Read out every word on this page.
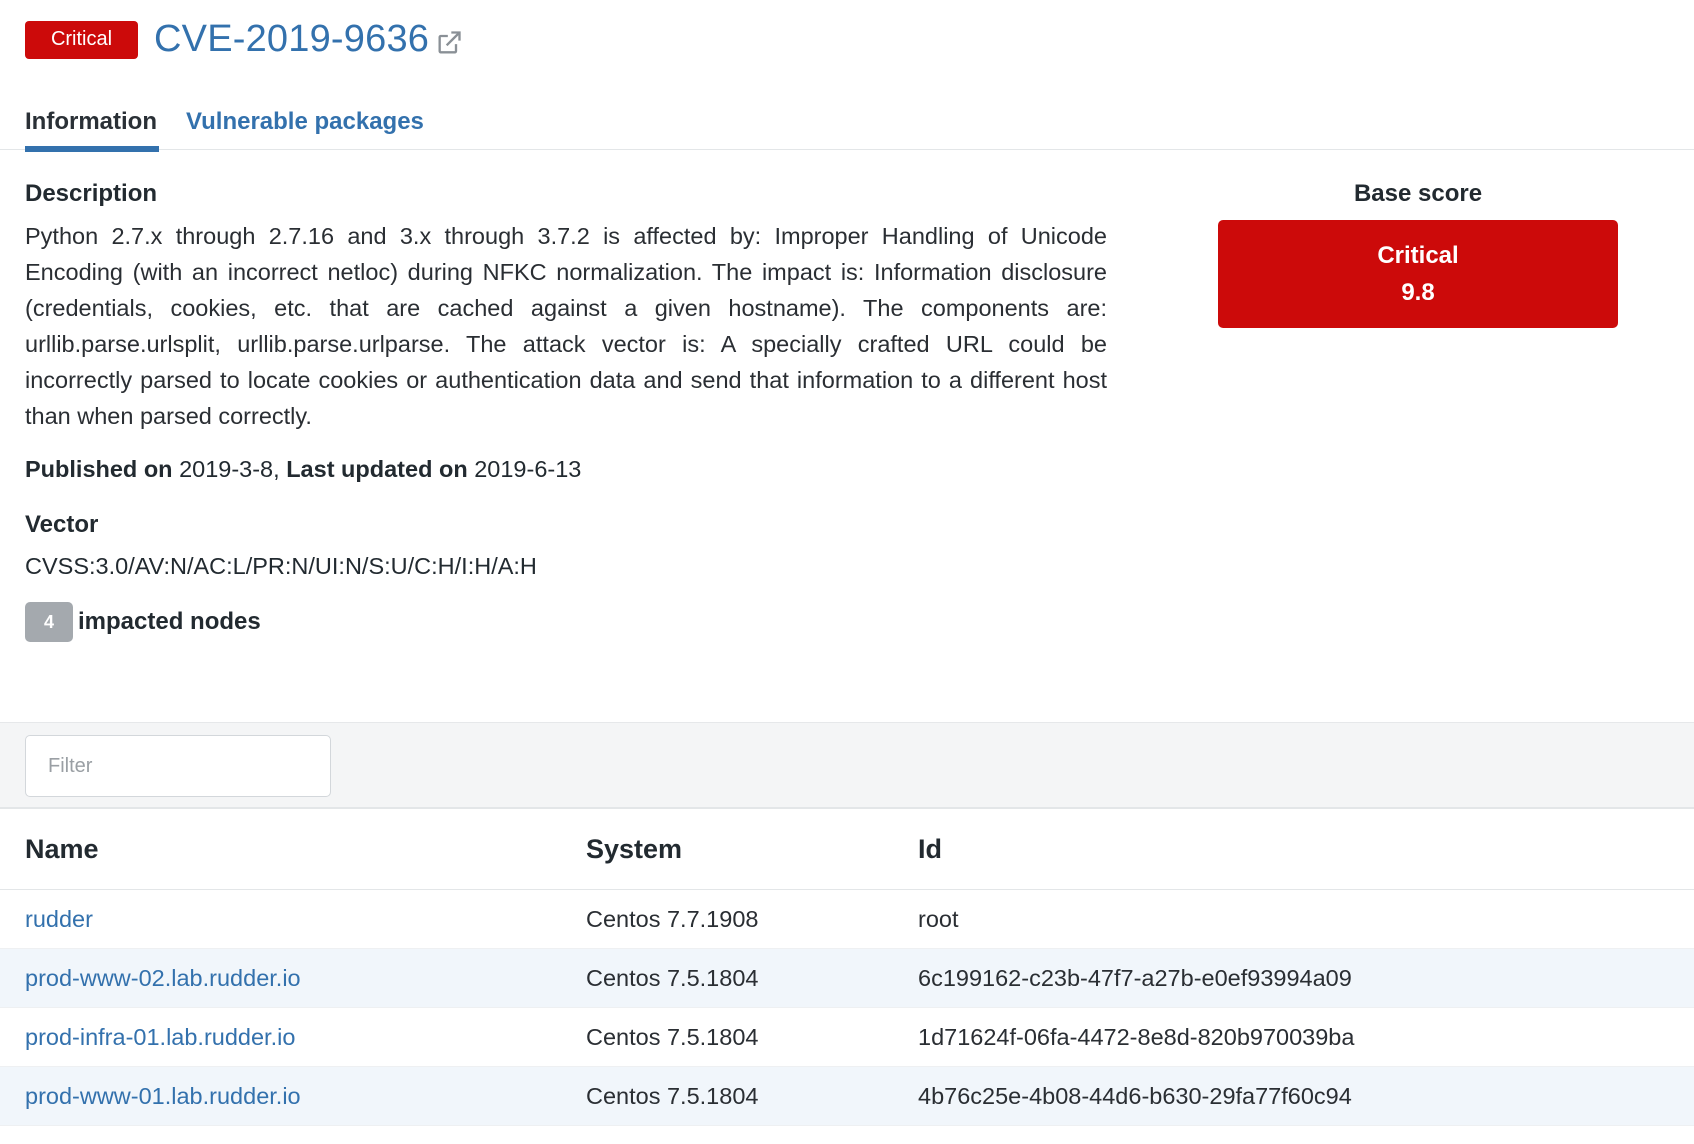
Critical	CVE-2019-9636
Information Vulnerable packages
Description

Python 2.7.x through 2.7.16 and 3.x through 3.7.2 is affected by: Improper Handling of Unicode Encoding (with an incorrect netloc) during NFKC normalization. The impact is: Information disclosure (credentials, cookies, etc. that are cached against a given hostname). The components are: urllib.parse.urlsplit, urllib.parse.urlparse. The attack vector is: A specially crafted URL could be incorrectly parsed to locate cookies or authentication data and send that information to a different host than when parsed correctly.

Published on 2019-3-8, Last updated on 2019-6-13
Vector
CVSS:3.0/AV:N/AC:L/PR:N/UI:N/S:U/C:H/I:H/A:H
4	impacted nodes
Base score
Critical
9.8
Filter
Name	System	Id
rudder	Centos 7.7.1908	root
prod-www-02.lab.rudder.io	Centos 7.5.1804	6c199162-c23b-47f7-a27b-e0ef93994a09
prod-infra-01.lab.rudder.io	Centos 7.5.1804	1d71624f-06fa-4472-8e8d-820b970039ba
prod-www-01.lab.rudder.io	Centos 7.5.1804	4b76c25e-4b08-44d6-b630-29fa77f60c94
